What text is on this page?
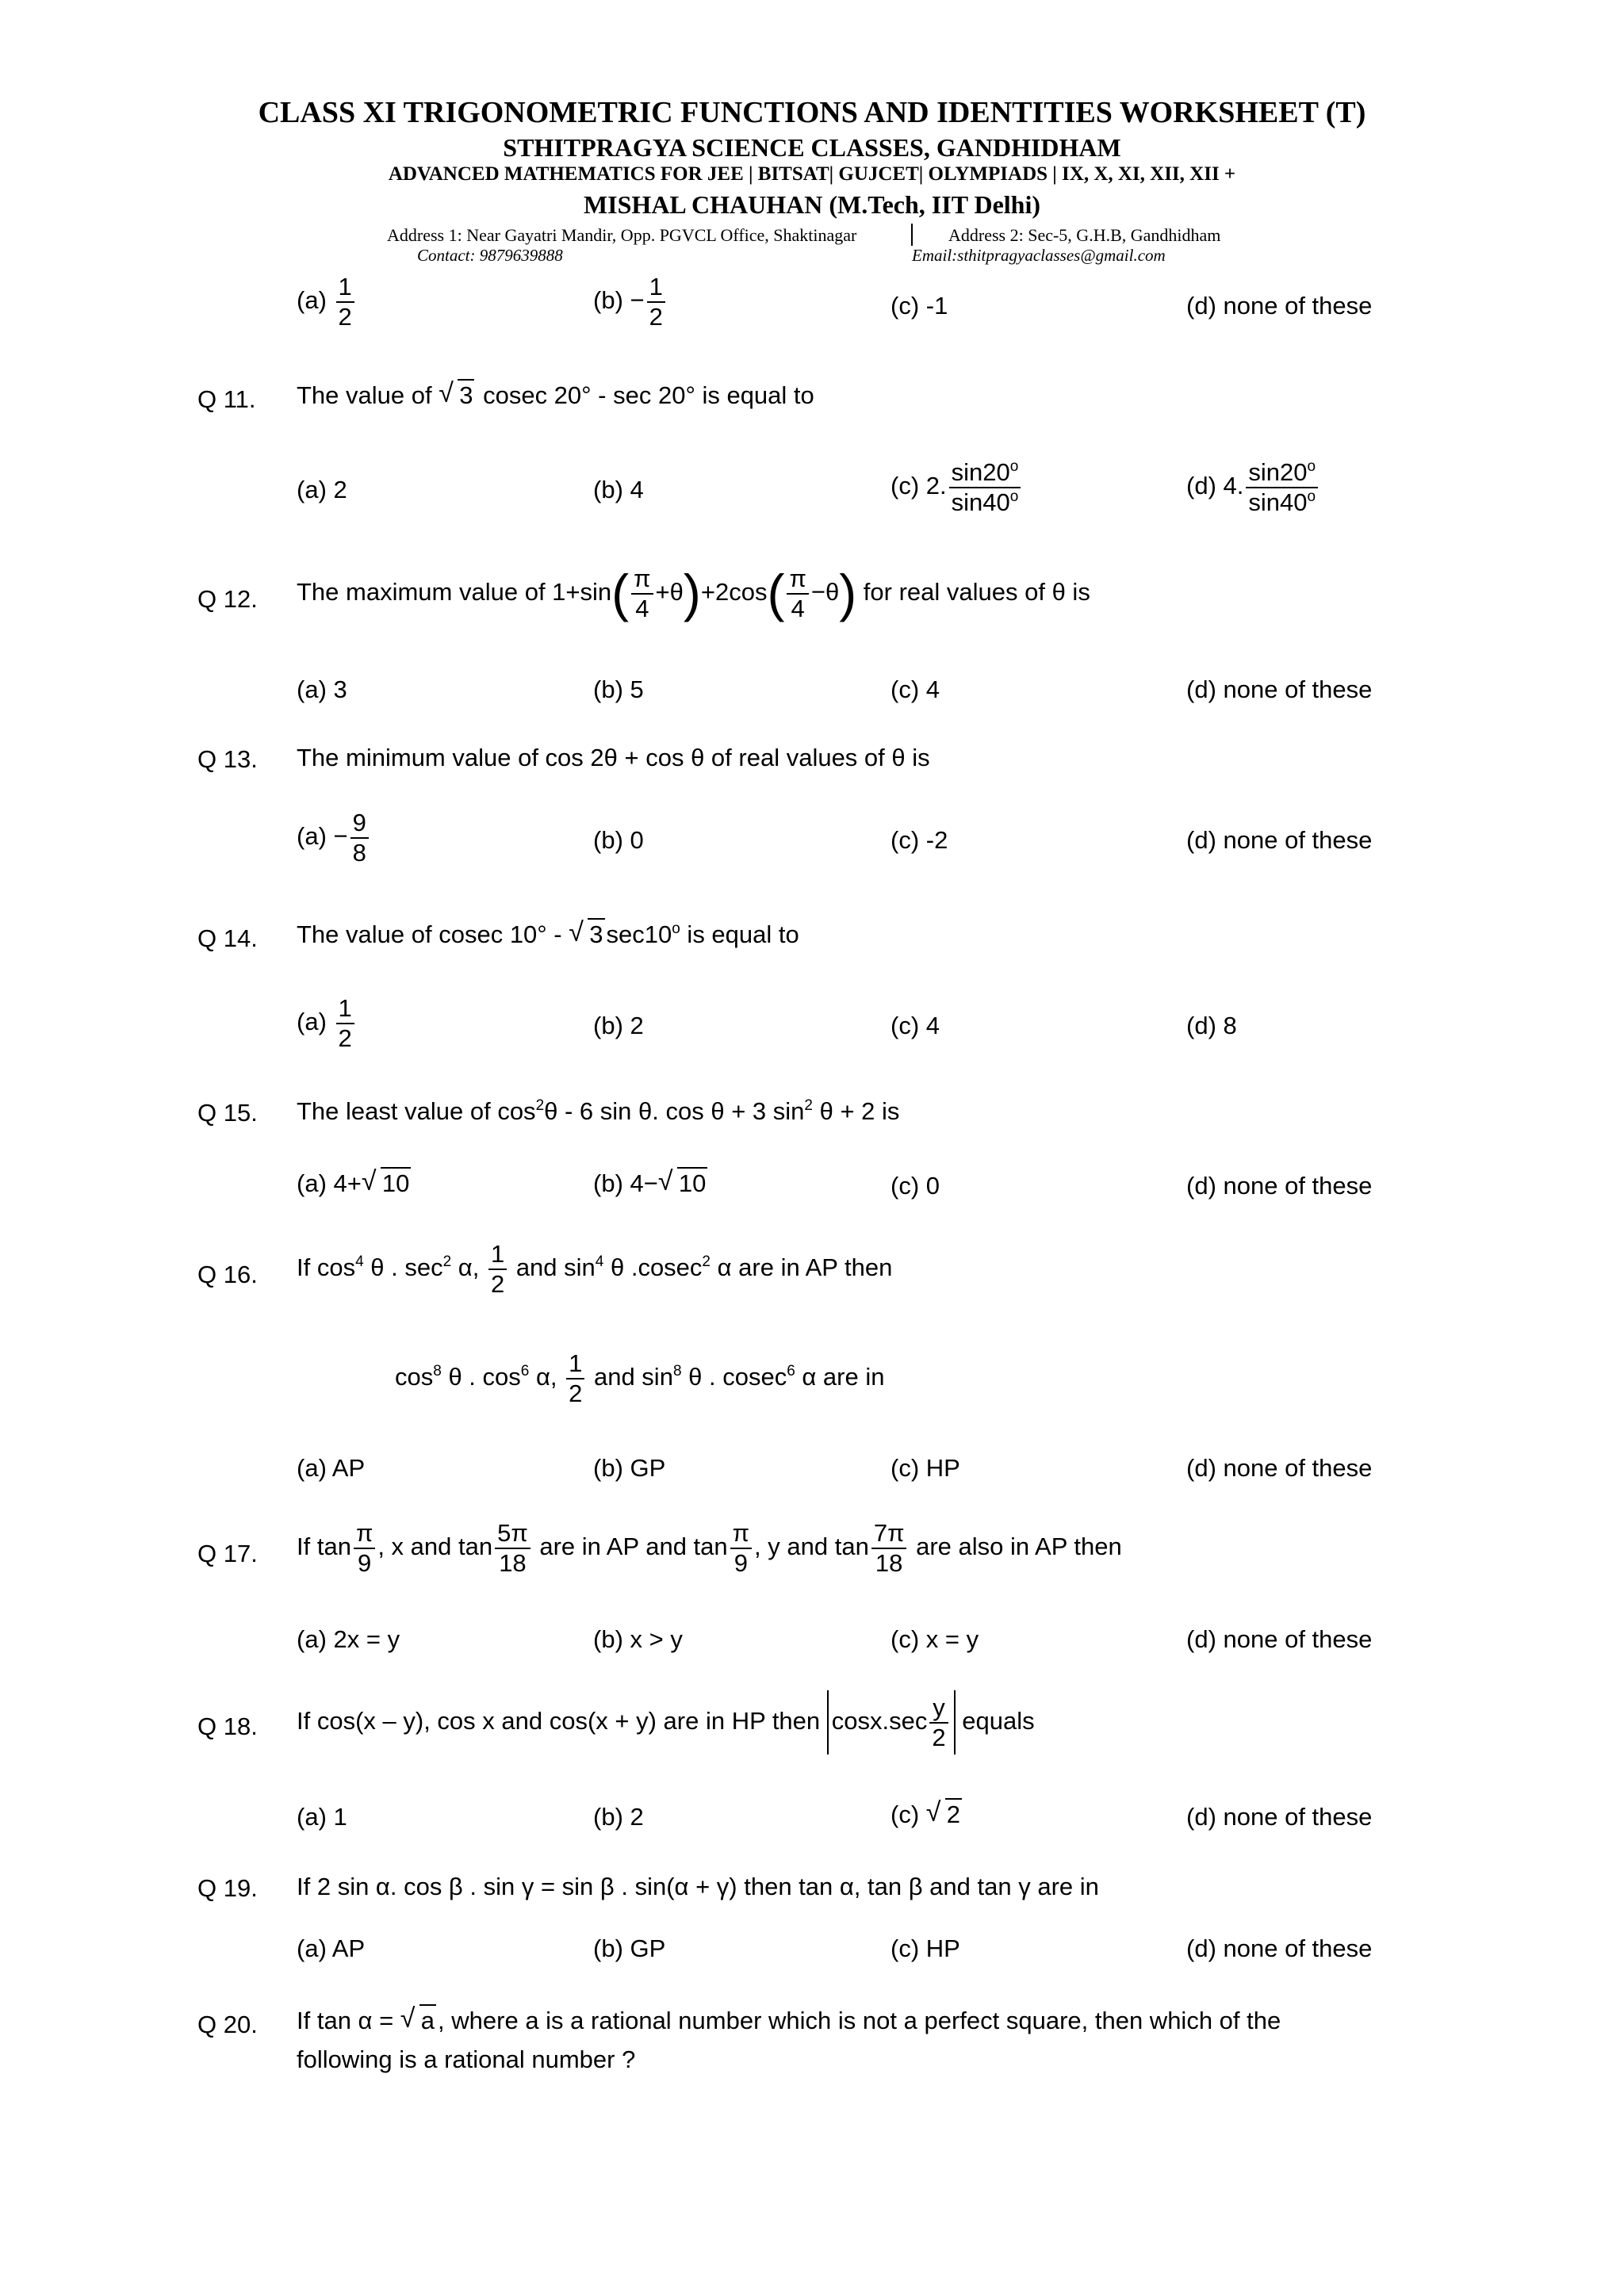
CLASS XI TRIGONOMETRIC FUNCTIONS AND IDENTITIES WORKSHEET (T)
STHITPRAGYA SCIENCE CLASSES, GANDHIDHAM
ADVANCED MATHEMATICS FOR JEE | BITSAT| GUJCET| OLYMPIADS | IX, X, XI, XII, XII +
MISHAL CHAUHAN (M.Tech, IIT Delhi)
Address 1: Near Gayatri Mandir, Opp. PGVCL Office, Shaktinagar	Address 2: Sec-5, G.H.B, Gandhidham
Contact: 9879639888	Email:sthitpragyaclasses@gmail.com
$(a) \frac{1}{2}$	$(b) - \frac{1}{2}$	(c) -1	(d) none of these
Q 11. The value of √ 3 cosec 20° - sec 20° is equal to
(a) 2	(b) 4	(c) 2. $\frac{\sin 20^o}{\sin 40^o}$	(d) 4. $\frac{\sin 20^o}{\sin 40^o}$
Q 12. The maximum value of $1+\sin( \frac{\pi}{4} +\theta)+2\cos( \frac{\pi}{4} -\theta)$ for real values of θ is
(a) 3	(b) 5	(c) 4	(d) none of these
Q 13. The minimum value of cos 2θ + cos θ of real values of θ is
$(a) - \frac{9}{8}$	(b) 0	(c) -2	(d) none of these
Q 14. The value of cosec 10° - √ 3 sec10$^o$ is equal to
$(a) \frac{1}{2}$	(b) 2	(c) 4	(d) 8
Q 15. The least value of $\cos^2\theta - 6$ sin θ. cos θ + 3 $\sin^2 \theta + 2$ is
(a) 4+ √ 10	(b) 4− √ 10	(c) 0	(d) none of these
Q 16. If $\cos^4 \theta$ . $\sec^2 \alpha$, $\frac{1}{2}$ and $\sin^4 \theta$ .cosec$^2$ α are in AP then
$\cos^8 \theta$ . $\cos^6 \alpha$, $\frac{1}{2}$ and $\sin^8 \theta$ . cosec$^6$ α are in
(a) AP	(b) GP	(c) HP	(d) none of these
Q 17. If $\tan \frac{\pi}{9}$ , x and $\tan \frac{5\pi}{18}$ are in AP and $\tan \frac{\pi}{9}$ , y and $\tan \frac{7\pi}{18}$ are also in AP then
(a) 2x = y	(b) x > y	(c) x = y	(d) none of these
Q 18. If cos(x – y), cos x and cos(x + y) are in HP then $\cos x.\sec \frac{y}{2}$ equals
(a) 1	(b) 2	(c) √ 2	(d) none of these
Q 19. If 2 sin α. cos β . sin γ = sin β . sin(α + γ) then tan α, tan β and tan γ are in
(a) AP	(b) GP	(c) HP	(d) none of these
Q 20. If tan α = √ a , where a is a rational number which is not a perfect square, then which of the
following is a rational number ?
